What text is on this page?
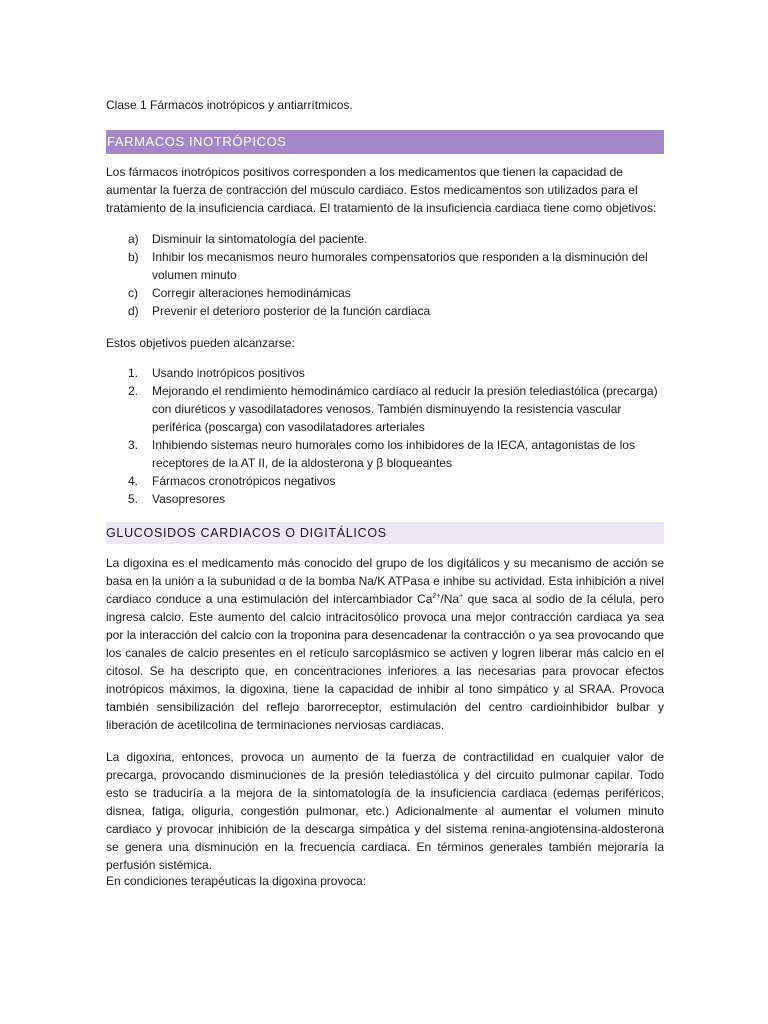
Clase 1 Fármacos inotrópicos y antiarrítmicos.
FARMACOS INOTRÓPICOS

Los fármacos inotrópicos positivos corresponden a los medicamentos que tienen la capacidad de aumentar la fuerza de contracción del músculo cardiaco. Estos medicamentos son utilizados para el tratamiento de la insuficiencia cardiaca. El tratamiento de la insuficiencia cardiaca tiene como objetivos:

a) Disminuir la sintomatología del paciente.
b) Inhibir los mecanismos neuro humorales compensatorios que responden a la disminución del volumen minuto
c) Corregir alteraciones hemodinámicas
d) Prevenir el deterioro posterior de la función cardiaca

Estos objetivos pueden alcanzarse:

1. Usando inotrópicos positivos
2. Mejorando el rendimiento hemodinámico cardíaco al reducir la presión telediastólica (precarga) con diuréticos y vasodilatadores venosos. También disminuyendo la resistencia vascular periférica (poscarga) con vasodilatadores arteriales
3. Inhibiendo sistemas neuro humorales como los inhibidores de la IECA, antagonistas de los receptores de la AT II, de la aldosterona y β bloqueantes
4. Fármacos cronotrópicos negativos
5. Vasopresores
GLUCOSIDOS CARDIACOS O DIGITÁLICOS

La digoxina es el medicamento más conocido del grupo de los digitálicos y su mecanismo de acción se basa en la unión a la subunidad α de la bomba Na/K ATPasa e inhibe su actividad. Esta inhibición a nivel cardiaco conduce a una estimulación del intercambiador $Ca^{2+}/Na^+$ que saca al sodio de la célula, pero ingresa calcio. Este aumento del calcio intracitosólico provoca una mejor contracción cardiaca ya sea por la interacción del calcio con la troponina para desencadenar la contracción o ya sea provocando que los canales de calcio presentes en el retículo sarcoplásmico se activen y logren liberar más calcio en el citosol. Se ha descripto que, en concentraciones inferiores a las necesarias para provocar efectos inotrópicos máximos, la digoxina, tiene la capacidad de inhibir al tono simpático y al SRAA. Provoca también sensibilización del reflejo barorreceptor, estimulación del centro cardioinhibidor bulbar y liberación de acetilcolina de terminaciones nerviosas cardiacas.

La digoxina, entonces, provoca un aumento de la fuerza de contractilidad en cualquier valor de precarga, provocando disminuciones de la presión telediastólica y del circuito pulmonar capilar. Todo esto se traduciría a la mejora de la sintomatología de la insuficiencia cardiaca (edemas periféricos, disnea, fatiga, oliguria, congestión pulmonar, etc.) Adicionalmente al aumentar el volumen minuto cardiaco y provocar inhibición de la descarga simpática y del sistema renina-angiotensina-aldosterona se genera una disminución en la frecuencia cardiaca. En términos generales también mejoraría la perfusión sistémica.

En condiciones terapéuticas la digoxina provoca:
